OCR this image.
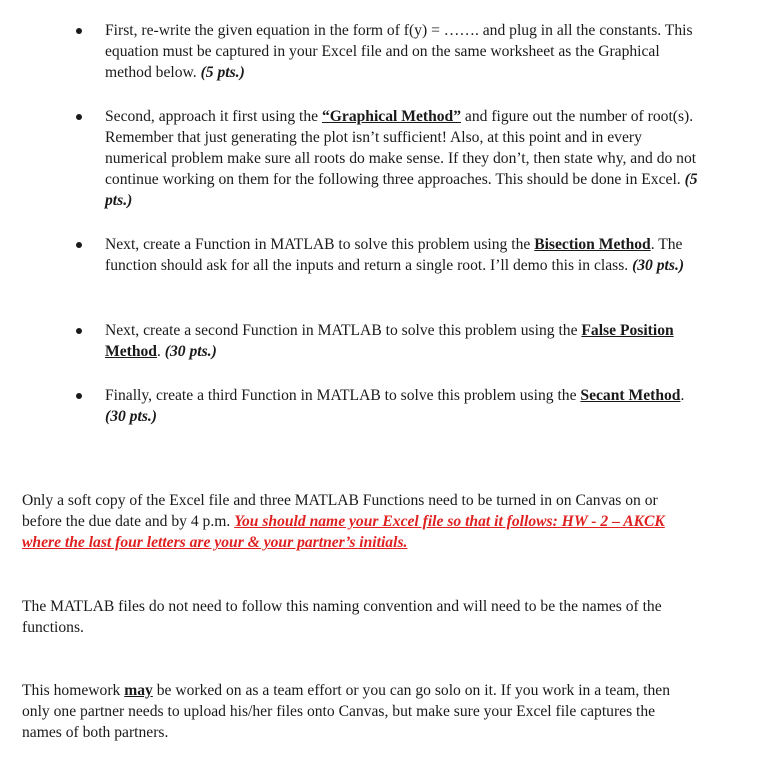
First, re-write the given equation in the form of f(y) = ……. and plug in all the constants. This equation must be captured in your Excel file and on the same worksheet as the Graphical method below. (5 pts.)
Second, approach it first using the “Graphical Method” and figure out the number of root(s). Remember that just generating the plot isn’t sufficient! Also, at this point and in every numerical problem make sure all roots do make sense. If they don’t, then state why, and do not continue working on them for the following three approaches. This should be done in Excel. (5 pts.)
Next, create a Function in MATLAB to solve this problem using the Bisection Method. The function should ask for all the inputs and return a single root. I’ll demo this in class. (30 pts.)
Next, create a second Function in MATLAB to solve this problem using the False Position Method. (30 pts.)
Finally, create a third Function in MATLAB to solve this problem using the Secant Method. (30 pts.)
Only a soft copy of the Excel file and three MATLAB Functions need to be turned in on Canvas on or before the due date and by 4 p.m. You should name your Excel file so that it follows: HW - 2 – AKCK where the last four letters are your & your partner’s initials.
The MATLAB files do not need to follow this naming convention and will need to be the names of the functions.
This homework may be worked on as a team effort or you can go solo on it. If you work in a team, then only one partner needs to upload his/her files onto Canvas, but make sure your Excel file captures the names of both partners.
